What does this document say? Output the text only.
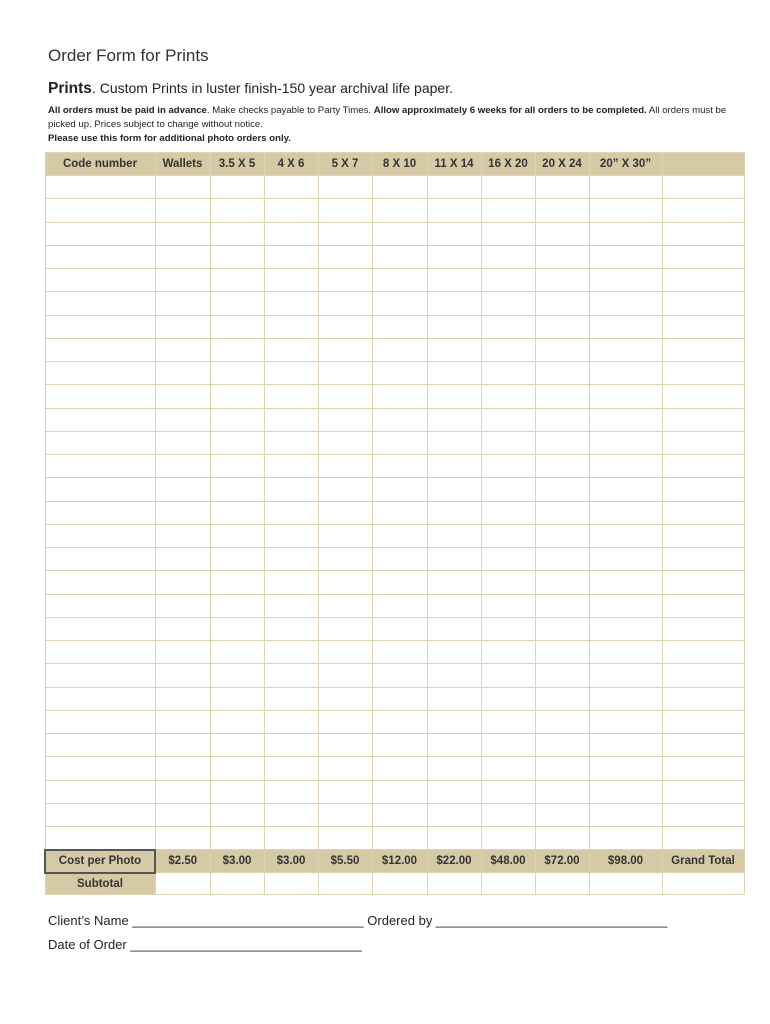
Order Form for Prints
Prints. Custom Prints in luster finish-150 year archival life paper.
All orders must be paid in advance. Make checks payable to Party Times. Allow approximately 6 weeks for all orders to be completed. All orders must be picked up. Prices subject to change without notice.
Please use this form for additional photo orders only.
Code number	Wallets	3.5 X 5	4 X 6	5 X 7	8 X 10	11 X 14	16 X 20	20 X 24	20” X 30”	

Cost per Photo	$2.50	$3.00	$3.00	$5.50	$12.00	$22.00	$48.00	$72.00	$98.00	Grand Total
Subtotal										
Client’s Name ________________________________ Ordered by ________________________________
Date of Order ________________________________
